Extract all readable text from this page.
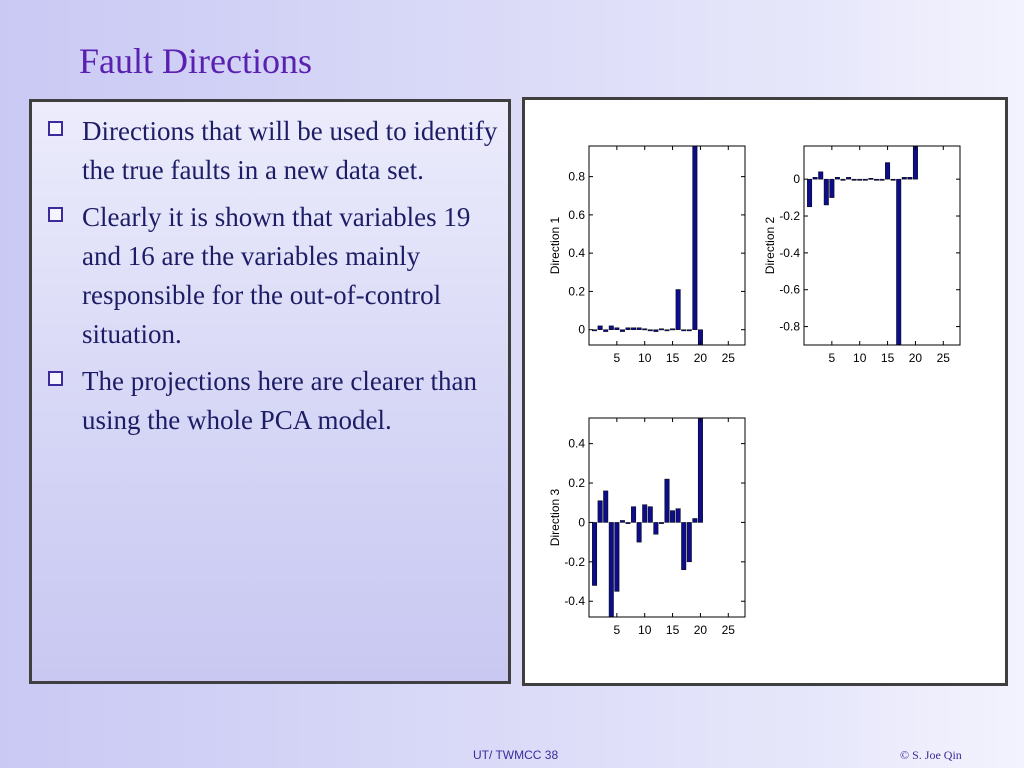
Fault Directions
Directions that will be used to identify the true faults in a new data set.
Clearly it is shown that variables 19 and 16 are the variables mainly responsible for the out-of-control situation.
The projections here are clearer than using the whole PCA model.
5 10 15 20 25
0
0.2
0.4
0.6
0.8
Direction 1
5 10 15 20 25
0
-0.2
-0.4
-0.6
-0.8
Direction 2
5 10 15 20 25
0.4
0.2
0
-0.2
-0.4
Direction 3
UT/ TWMCC 38	© S. Joe Qin
